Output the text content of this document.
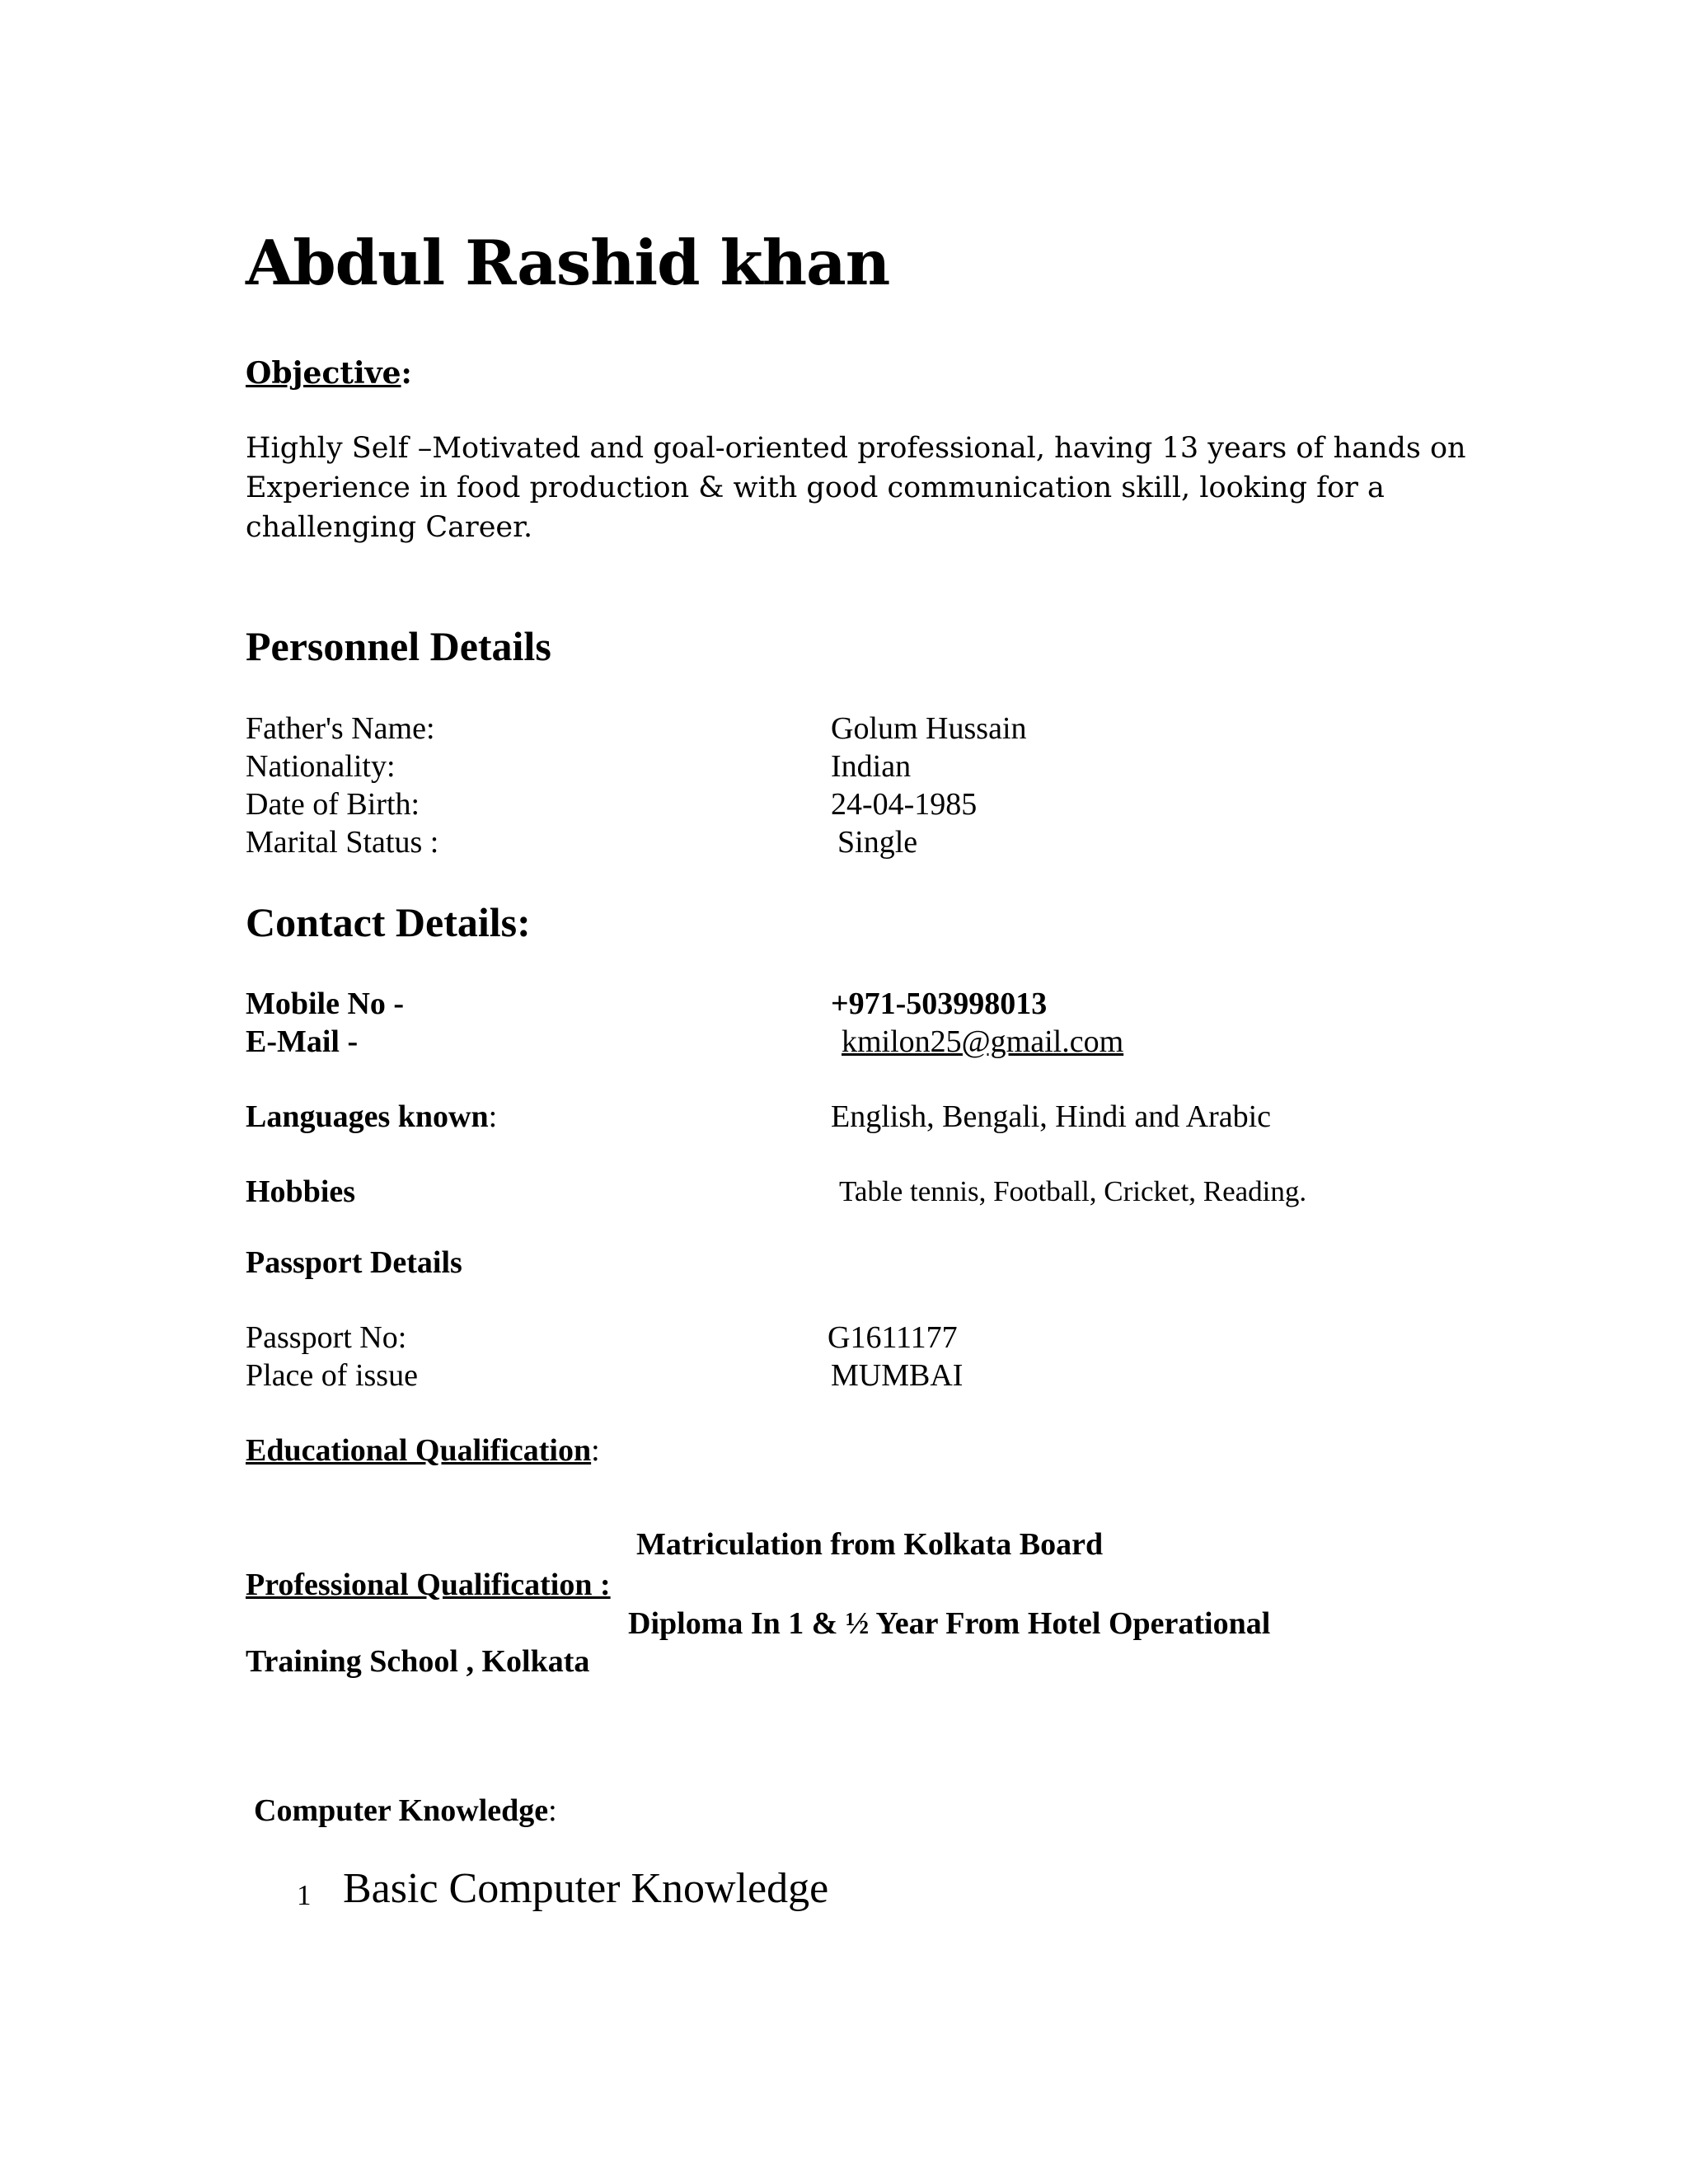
Abdul Rashid khan
Objective:

Highly Self –Motivated and goal-oriented professional, having 13 years of hands on Experience in food production & with good communication skill, looking for a challenging Career.

Personnel Details
Father's Name:	Golum Hussain
Nationality:	Indian
Date of Birth:	24-04-1985
Marital Status :	Single
Contact Details:
Mobile No -	+971-503998013
E-Mail -	kmilon25@gmail.com
Languages known:	English, Bengali, Hindi and Arabic
Hobbies	Table tennis, Football, Cricket, Reading.
Passport Details
Passport No:	G1611177
Place of issue	MUMBAI
Educational Qualification:
Matriculation from Kolkata Board
Professional Qualification :
Diploma In 1 & ½ Year From Hotel Operational
Training School , Kolkata
Computer Knowledge:
1 Basic Computer Knowledge
